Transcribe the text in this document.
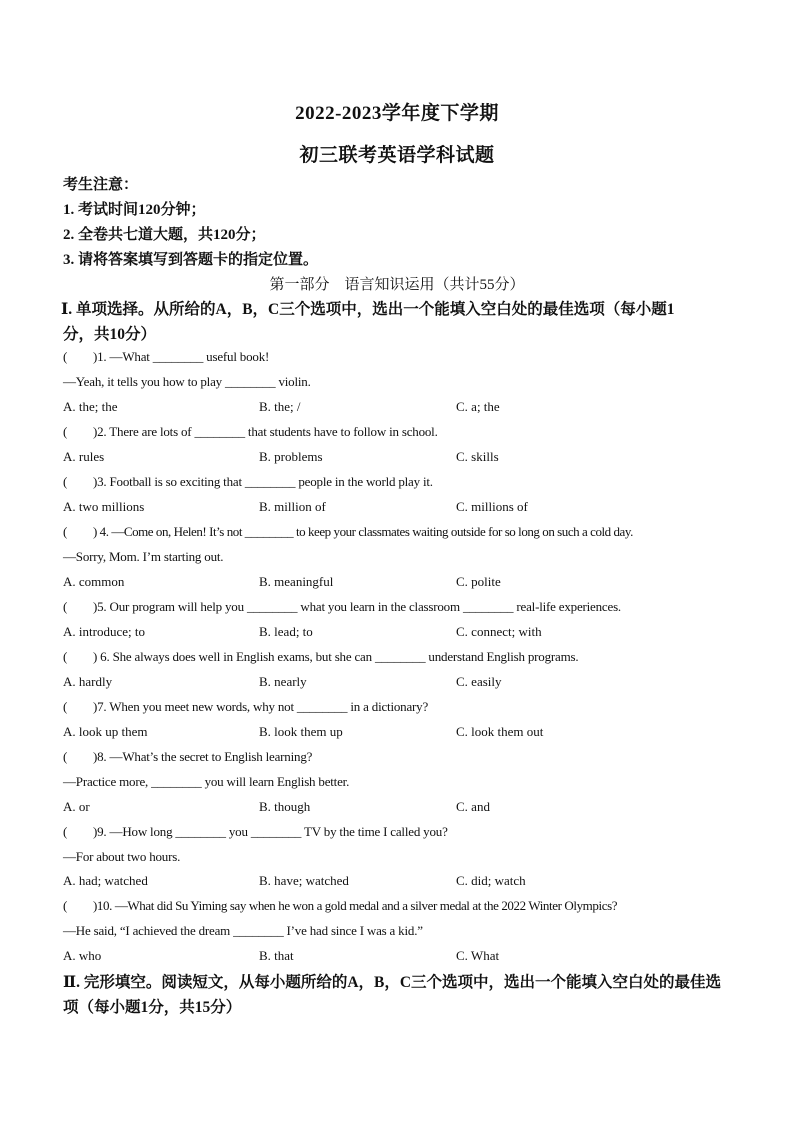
2022-2023学年度下学期
初三联考英语学科试题
考生注意：
1. 考试时间120分钟；
2. 全卷共七道大题，共120分；
3. 请将答案填写到答题卡的指定位置。
第一部分　语言知识运用（共计55分）
Ⅰ. 单项选择。从所给的A，B，C三个选项中，选出一个能填入空白处的最佳选项（每小题1
分，共10分）
( )1. —What ________ useful book!
—Yeah, it tells you how to play ________ violin.
A. the; the	B. the; /	C. a; the
( )2. There are lots of ________ that students have to follow in school.
A. rules	B. problems	C. skills
( )3. Football is so exciting that ________ people in the world play it.
A. two millions	B. million of	C. millions of
( ) 4. —Come on, Helen! It’s not ________ to keep your classmates waiting outside for so long on such a cold day.
—Sorry, Mom. I’m starting out.
A. common	B. meaningful	C. polite
( )5. Our program will help you ________ what you learn in the classroom ________ real-life experiences.
A. introduce; to	B. lead; to	C. connect; with
( ) 6. She always does well in English exams, but she can ________ understand English programs.
A. hardly	B. nearly	C. easily
( )7. When you meet new words, why not ________ in a dictionary?
A. look up them	B. look them up	C. look them out
( )8. —What’s the secret to English learning?
—Practice more, ________ you will learn English better.
A. or	B. though	C. and
( )9. —How long ________ you ________ TV by the time I called you?
—For about two hours.
A. had; watched	B. have; watched	C. did; watch
( )10. —What did Su Yiming say when he won a gold medal and a silver medal at the 2022 Winter Olympics?
—He said, “I achieved the dream ________ I’ve had since I was a kid.”
A. who	B. that	C. What
Ⅱ. 完形填空。阅读短文，从每小题所给的A，B，C三个选项中，选出一个能填入空白处的最佳选项（每小题1分，共15分）
